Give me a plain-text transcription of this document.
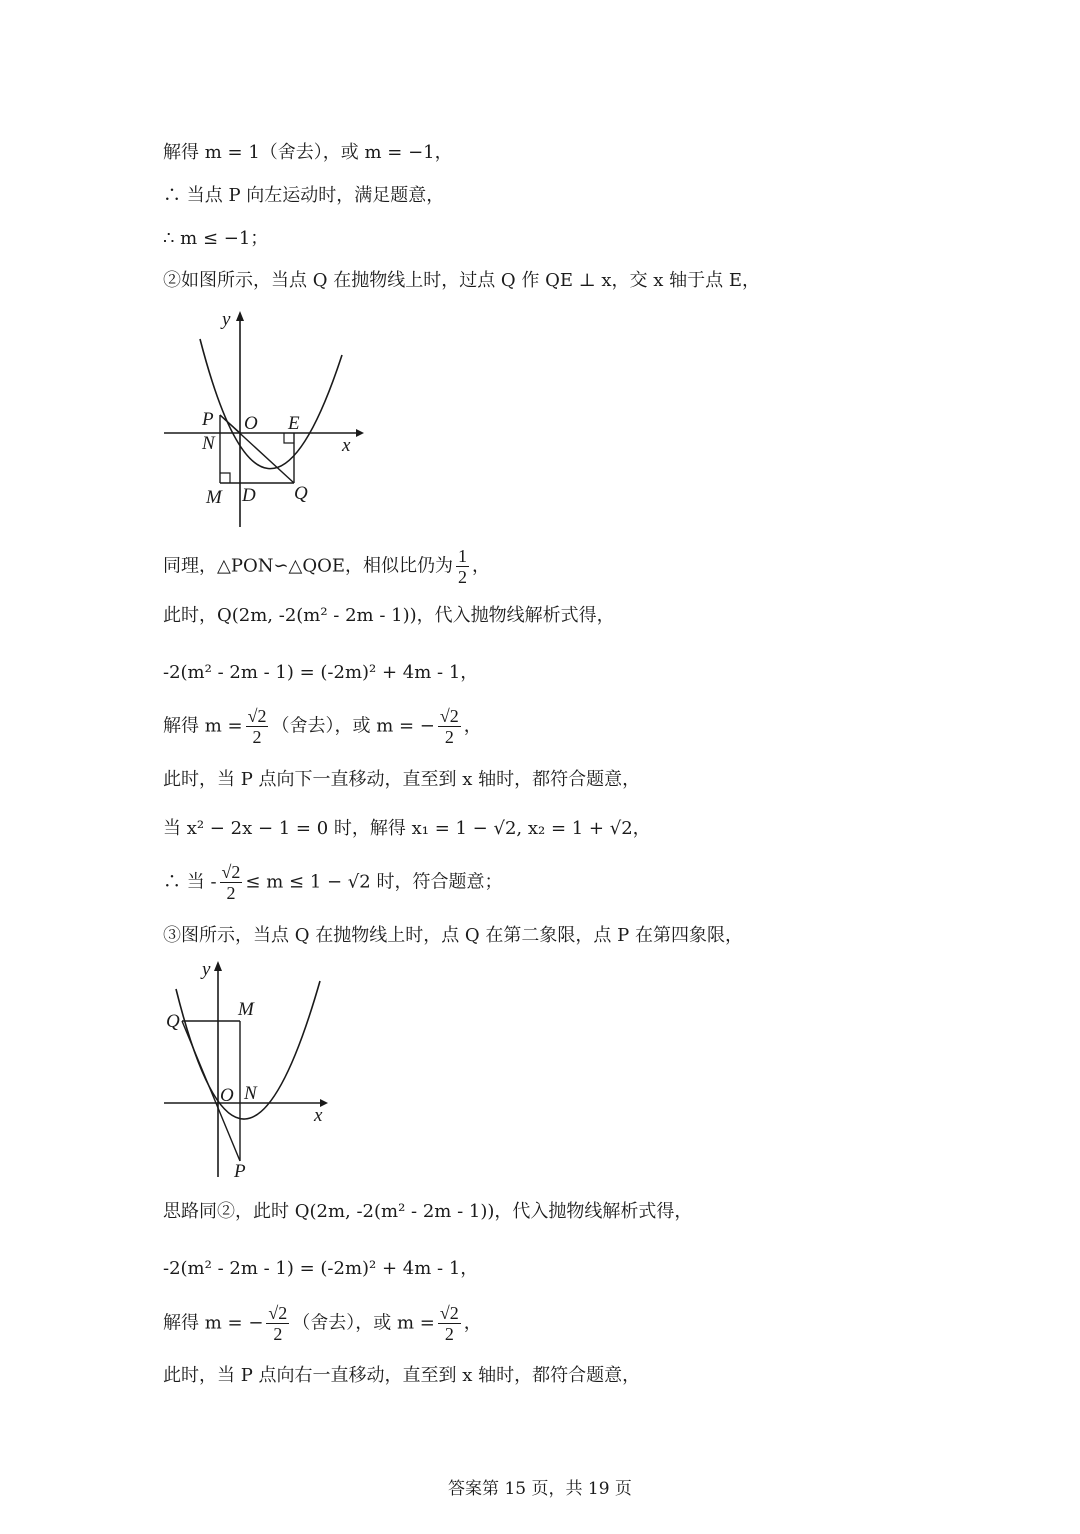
解得 m = 1（舍去），或 m = −1，
∴ 当点 P 向左运动时，满足题意，
∴ m ≤ −1；
②如图所示，当点 Q 在抛物线上时，过点 Q 作 QE ⊥ x，交 x 轴于点 E，
y
x
P O E
N
M D Q
同理，△PON∽△QOE，相似比仍为 $\frac{1}{2}$ ，
此时，Q(2m, -2(m² - 2m - 1))，代入抛物线解析式得，
-2(m² - 2m - 1) = (-2m)² + 4m - 1，
解得 $m = \frac{√2}{2}$ （舍去），或 m = − $\frac{√2}{2}$ ，
此时，当 P 点向下一直移动，直至到 x 轴时，都符合题意，
当 x² − 2x − 1 = 0 时，解得 x₁ = 1 − √2, x₂ = 1 + √2，
∴ 当 - $\frac{√2}{2} \le m \le 1 - √2$ 时，符合题意；
③图所示，当点 Q 在抛物线上时，点 Q 在第二象限，点 P 在第四象限，
y
x
Q
M
O N
P
思路同②，此时 Q(2m, -2(m² - 2m - 1))，代入抛物线解析式得，
-2(m² - 2m - 1) = (-2m)² + 4m - 1，
解得 m = − $\frac{√2}{2}$ （舍去），或 $m = \frac{√2}{2}$ ，
此时，当 P 点向右一直移动，直至到 x 轴时，都符合题意，
答案第 15 页，共 19 页
